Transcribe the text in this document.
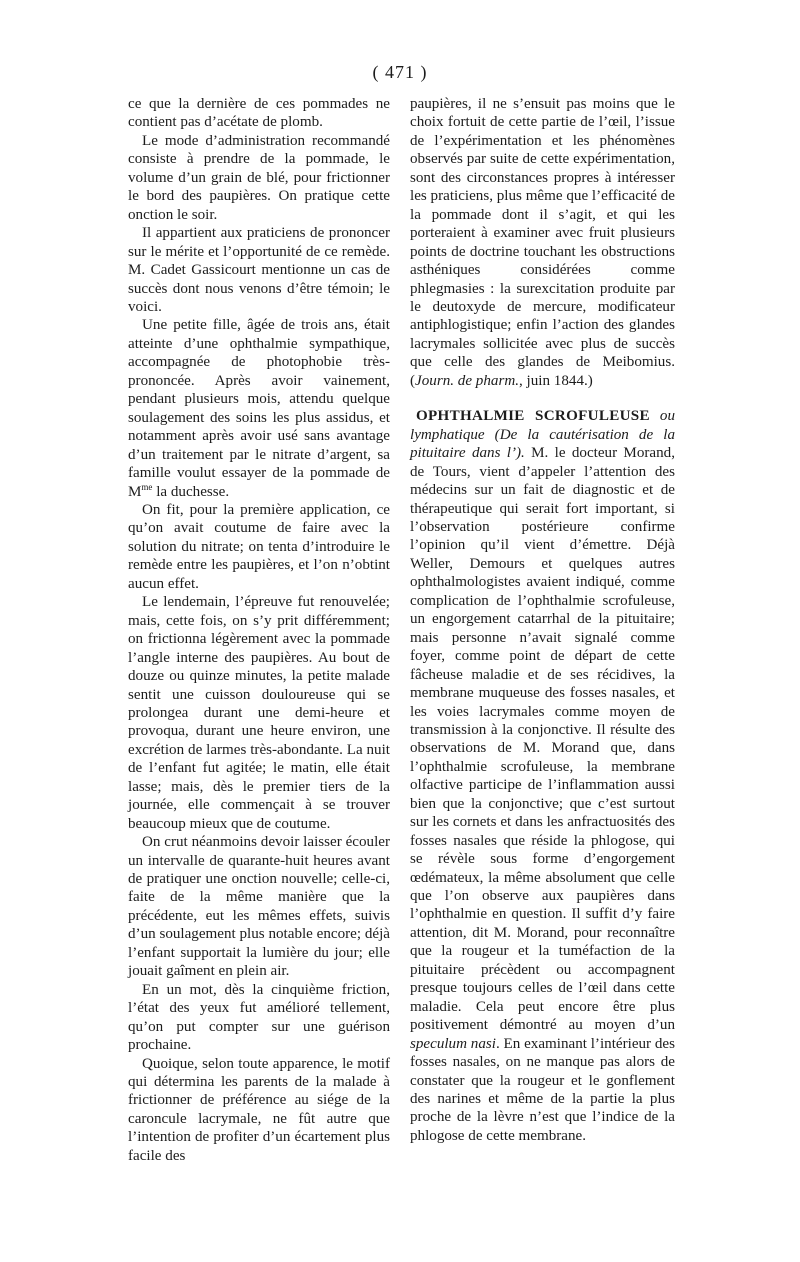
( 471 )

ce que la dernière de ces pommades ne contient pas d’acétate de plomb.

Le mode d’administration recommandé consiste à prendre de la pommade, le volume d’un grain de blé, pour frictionner le bord des paupières. On pratique cette onction le soir.

Il appartient aux praticiens de prononcer sur le mérite et l’opportunité de ce remède. M. Cadet Gassicourt mentionne un cas de succès dont nous venons d’être témoin; le voici.

Une petite fille, âgée de trois ans, était atteinte d’une ophthalmie sympathique, accompagnée de photophobie très-prononcée. Après avoir vainement, pendant plusieurs mois, attendu quelque soulagement des soins les plus assidus, et notamment après avoir usé sans avantage d’un traitement par le nitrate d’argent, sa famille voulut essayer de la pommade de $M^{me}$ la duchesse.

On fit, pour la première application, ce qu’on avait coutume de faire avec la solution du nitrate; on tenta d’introduire le remède entre les paupières, et l’on n’obtint aucun effet.

Le lendemain, l’épreuve fut renouvelée; mais, cette fois, on s’y prit différemment; on frictionna légèrement avec la pommade l’angle interne des paupières. Au bout de douze ou quinze minutes, la petite malade sentit une cuisson douloureuse qui se prolongea durant une demi-heure et provoqua, durant une heure environ, une excrétion de larmes très-abondante. La nuit de l’enfant fut agitée; le matin, elle était lasse; mais, dès le premier tiers de la journée, elle commençait à se trouver beaucoup mieux que de coutume.

On crut néanmoins devoir laisser écouler un intervalle de quarante-huit heures avant de pratiquer une onction nouvelle; celle-ci, faite de la même manière que la précédente, eut les mêmes effets, suivis d’un soulagement plus notable encore; déjà l’enfant supportait la lumière du jour; elle jouait gaîment en plein air.

En un mot, dès la cinquième friction, l’état des yeux fut amélioré tellement, qu’on put compter sur une guérison prochaine.

Quoique, selon toute apparence, le motif qui détermina les parents de la malade à frictionner de préférence au siége de la caroncule lacrymale, ne fût autre que l’intention de profiter d’un écartement plus facile des

paupières, il ne s’ensuit pas moins que le choix fortuit de cette partie de l’œil, l’issue de l’expérimentation et les phénomènes observés par suite de cette expérimentation, sont des circonstances propres à intéresser les praticiens, plus même que l’efficacité de la pommade dont il s’agit, et qui les porteraient à examiner avec fruit plusieurs points de doctrine touchant les obstructions asthéniques considérées comme phlegmasies : la surexcitation produite par le deutoxyde de mercure, modificateur antiphlogistique; enfin l’action des glandes lacrymales sollicitée avec plus de succès que celle des glandes de Meibomius. (Journ. de pharm., juin 1844.)

OPHTHALMIE SCROFULEUSE ou lymphatique (De la cautérisation de la pituitaire dans l’). M. le docteur Morand, de Tours, vient d’appeler l’attention des médecins sur un fait de diagnostic et de thérapeutique qui serait fort important, si l’observation postérieure confirme l’opinion qu’il vient d’émettre. Déjà Weller, Demours et quelques autres ophthalmologistes avaient indiqué, comme complication de l’ophthalmie scrofuleuse, un engorgement catarrhal de la pituitaire; mais personne n’avait signalé comme foyer, comme point de départ de cette fâcheuse maladie et de ses récidives, la membrane muqueuse des fosses nasales, et les voies lacrymales comme moyen de transmission à la conjonctive. Il résulte des observations de M. Morand que, dans l’ophthalmie scrofuleuse, la membrane olfactive participe de l’inflammation aussi bien que la conjonctive; que c’est surtout sur les cornets et dans les anfractuosités des fosses nasales que réside la phlogose, qui se révèle sous forme d’engorgement œdémateux, la même absolument que celle que l’on observe aux paupières dans l’ophthalmie en question. Il suffit d’y faire attention, dit M. Morand, pour reconnaître que la rougeur et la tuméfaction de la pituitaire précèdent ou accompagnent presque toujours celles de l’œil dans cette maladie. Cela peut encore être plus positivement démontré au moyen d’un speculum nasi. En examinant l’intérieur des fosses nasales, on ne manque pas alors de constater que la rougeur et le gonflement des narines et même de la partie la plus proche de la lèvre n’est que l’indice de la phlogose de cette membrane.
